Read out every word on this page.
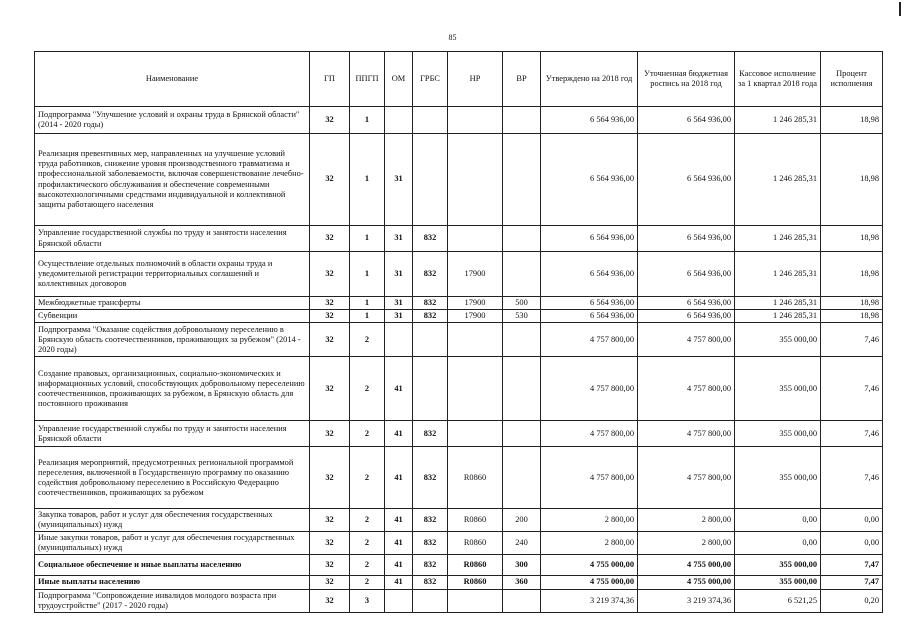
85
Наименование	ГП	ППГП	ОМ	ГРБС	НР	ВР	Утверждено на 2018 год	Уточненная бюджетная роспись на 2018 год	Кассовое исполнение за 1 квартал 2018 года	Процент исполнения
Подпрограмма "Улучшение условий и охраны труда в Брянской области" (2014 - 2020 годы)	32	1					6 564 936,00	6 564 936,00	1 246 285,31	18,98
Реализация превентивных мер, направленных на улучшение условий труда работников, снижение уровня производственного травматизма и профессиональной заболеваемости, включая совершенствование лечебно-профилактического обслуживания и обеспечение современными высокотехнологичными средствами индивидуальной и коллективной защиты работающего населения	32	1	31				6 564 936,00	6 564 936,00	1 246 285,31	18,98
Управление государственной службы по труду и занятости населения Брянской области	32	1	31	832			6 564 936,00	6 564 936,00	1 246 285,31	18,98
Осуществление отдельных полномочий в области охраны труда и уведомительной регистрации территориальных соглашений и коллективных договоров	32	1	31	832	17900		6 564 936,00	6 564 936,00	1 246 285,31	18,98
Межбюджетные трансферты	32	1	31	832	17900	500	6 564 936,00	6 564 936,00	1 246 285,31	18,98
Субвенции	32	1	31	832	17900	530	6 564 936,00	6 564 936,00	1 246 285,31	18,98
Подпрограмма "Оказание содействия добровольному переселению в Брянскую область соотечественников, проживающих за рубежом" (2014 - 2020 годы)	32	2					4 757 800,00	4 757 800,00	355 000,00	7,46
Создание правовых, организационных, социально-экономических и информационных условий, способствующих добровольному переселению соотечественников, проживающих за рубежом, в Брянскую область для постоянного проживания	32	2	41				4 757 800,00	4 757 800,00	355 000,00	7,46
Управление государственной службы по труду и занятости населения Брянской области	32	2	41	832			4 757 800,00	4 757 800,00	355 000,00	7,46
Реализация мероприятий, предусмотренных региональной программой переселения, включенной в Государственную программу по оказанию содействия добровольному переселению в Российскую Федерацию соотечественников, проживающих за рубежом	32	2	41	832	R0860		4 757 800,00	4 757 800,00	355 000,00	7,46
Закупка товаров, работ и услуг для обеспечения государственных (муниципальных) нужд	32	2	41	832	R0860	200	2 800,00	2 800,00	0,00	0,00
Иные закупки товаров, работ и услуг для обеспечения государственных (муниципальных) нужд	32	2	41	832	R0860	240	2 800,00	2 800,00	0,00	0,00
Социальное обеспечение и иные выплаты населению	32	2	41	832	R0860	300	4 755 000,00	4 755 000,00	355 000,00	7,47
Иные выплаты населению	32	2	41	832	R0860	360	4 755 000,00	4 755 000,00	355 000,00	7,47
Подпрограмма "Сопровождение инвалидов молодого возраста при трудоустройстве" (2017 - 2020 годы)	32	3					3 219 374,36	3 219 374,36	6 521,25	0,20
